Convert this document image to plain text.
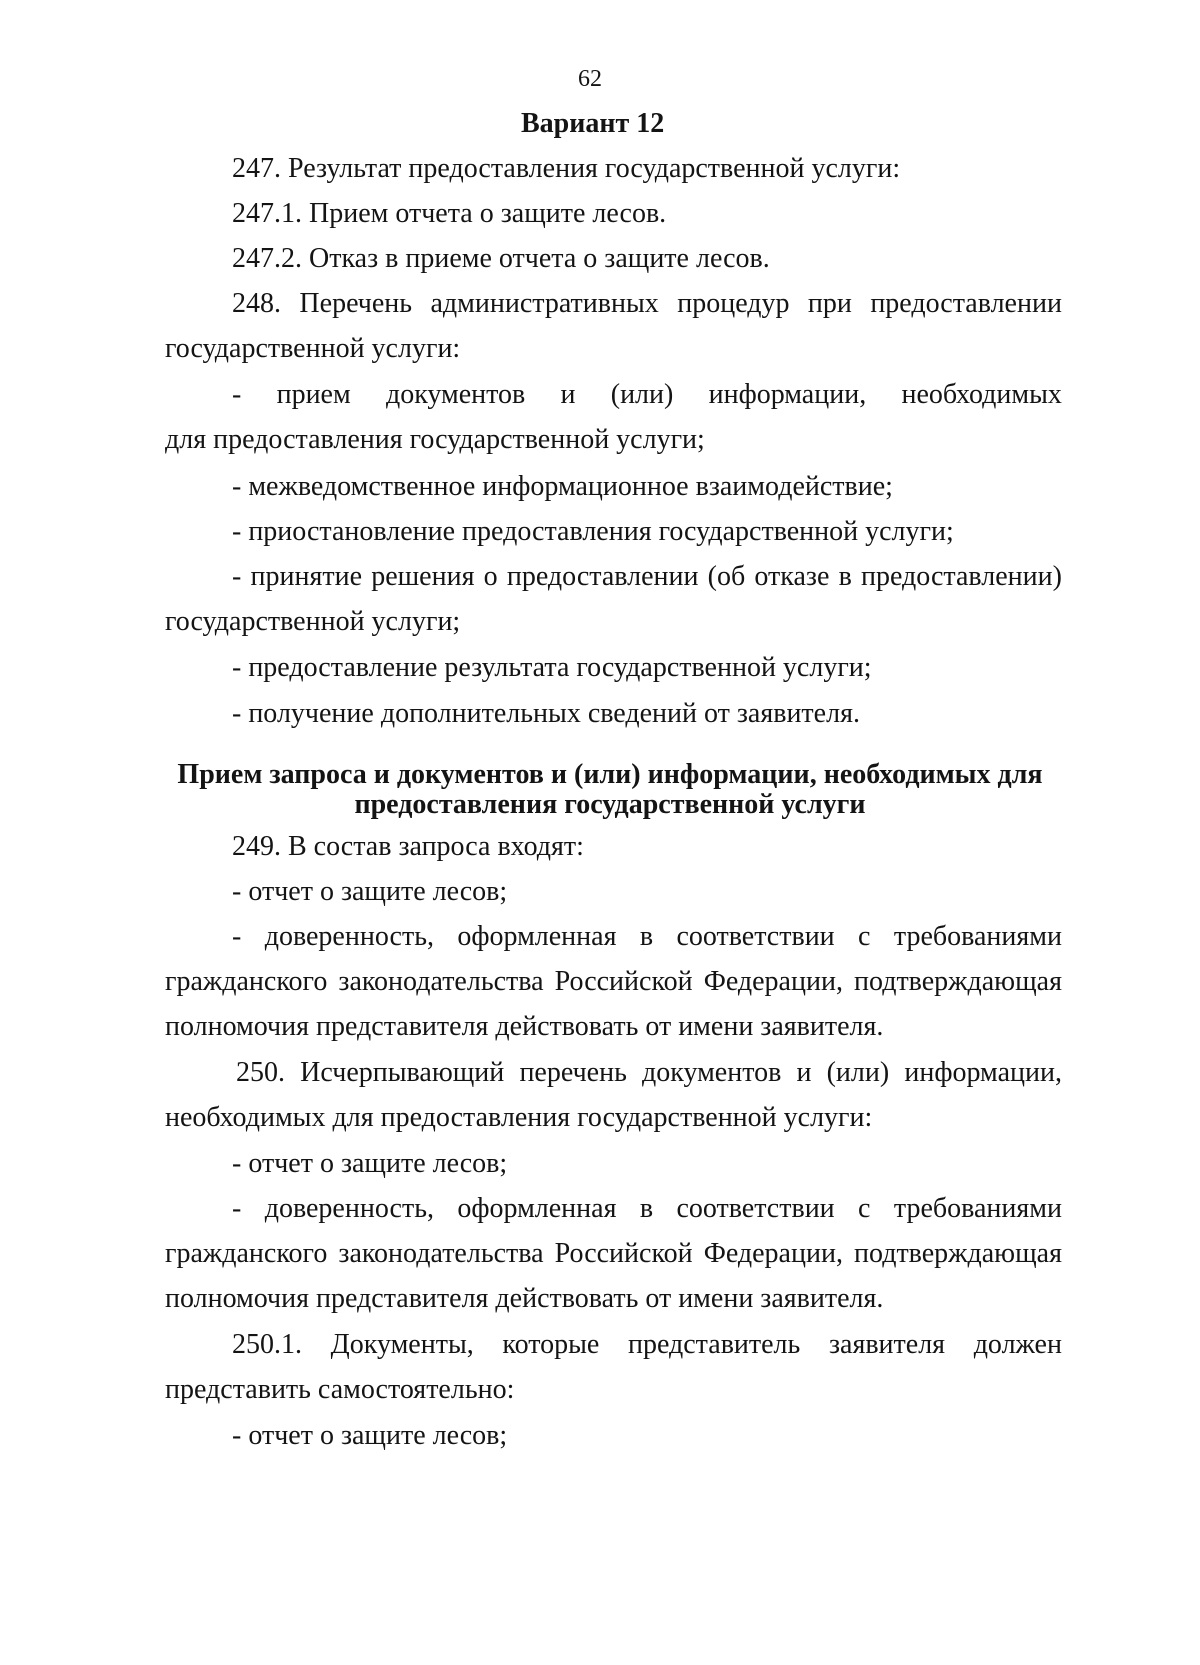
62
Вариант 12
247. Результат предоставления государственной услуги:
247.1. Прием отчета о защите лесов.
247.2. Отказ в приеме отчета о защите лесов.
248. Перечень административных процедур при предоставлении
государственной услуги:
- прием документов и (или) информации, необходимых
для предоставления государственной услуги;
- межведомственное информационное взаимодействие;
- приостановление предоставления государственной услуги;
- принятие решения о предоставлении (об отказе в предоставлении)
государственной услуги;
- предоставление результата государственной услуги;
- получение дополнительных сведений от заявителя.
Прием запроса и документов и (или) информации, необходимых для
предоставления государственной услуги
249. В состав запроса входят:
- отчет о защите лесов;
- доверенность, оформленная в соответствии с требованиями
гражданского законодательства Российской Федерации, подтверждающая
полномочия представителя действовать от имени заявителя.
250. Исчерпывающий перечень документов и (или) информации,
необходимых для предоставления государственной услуги:
- отчет о защите лесов;
- доверенность, оформленная в соответствии с требованиями
гражданского законодательства Российской Федерации, подтверждающая
полномочия представителя действовать от имени заявителя.
250.1. Документы, которые представитель заявителя должен
представить самостоятельно:
- отчет о защите лесов;
